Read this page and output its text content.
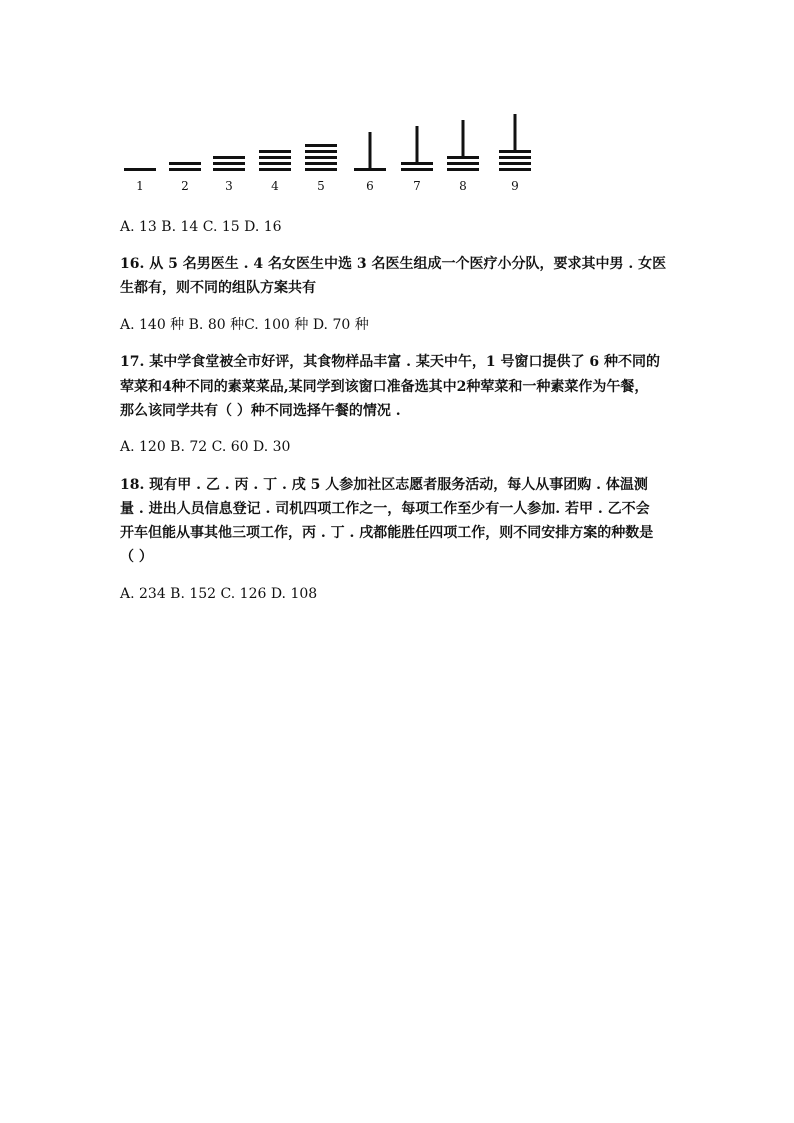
1	2	3	4	5	6	7	8	9
A. 13 B. 14 C. 15 D. 16
16. 从 5 名男医生 . 4 名女医生中选 3 名医生组成一个医疗小分队，要求其中男 . 女医
生都有，则不同的组队方案共有
A. 140 种 B. 80 种C. 100 种 D. 70 种
17. 某中学食堂被全市好评，其食物样品丰富 . 某天中午，1 号窗口提供了 6 种不同的
荤菜和4种不同的素菜菜品,某同学到该窗口准备选其中2种荤菜和一种素菜作为午餐，
那么该同学共有（ ）种不同选择午餐的情况 .
A. 120 B. 72 C. 60 D. 30
18. 现有甲 . 乙 . 丙 . 丁 . 戌 5 人参加社区志愿者服务活动，每人从事团购 . 体温测
量 . 进出人员信息登记 . 司机四项工作之一，每项工作至少有一人参加. 若甲 . 乙不会
开车但能从事其他三项工作，丙 . 丁 . 戌都能胜任四项工作，则不同安排方案的种数是
（ ）
A. 234 B. 152 C. 126 D. 108
